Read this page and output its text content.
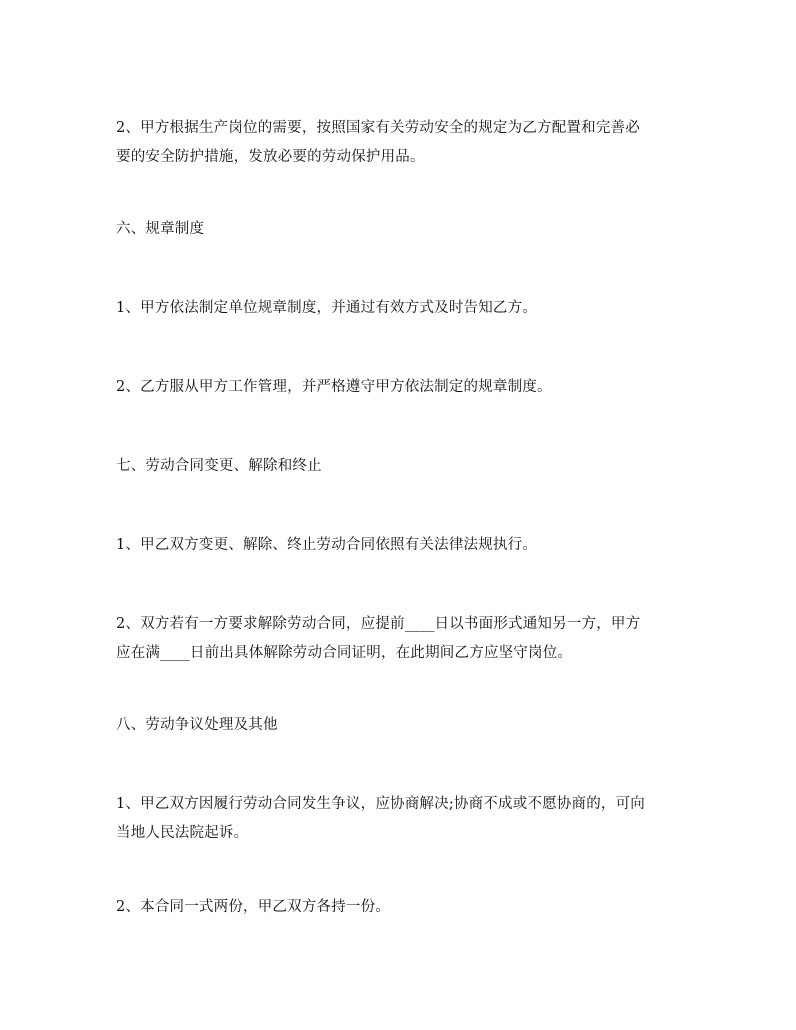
2、甲方根据生产岗位的需要，按照国家有关劳动安全的规定为乙方配置和完善必
要的安全防护措施，发放必要的劳动保护用品。

六、规章制度

1、甲方依法制定单位规章制度，并通过有效方式及时告知乙方。

2、乙方服从甲方工作管理，并严格遵守甲方依法制定的规章制度。

七、劳动合同变更、解除和终止

1、甲乙双方变更、解除、终止劳动合同依照有关法律法规执行。

2、双方若有一方要求解除劳动合同，应提前____日以书面形式通知另一方，甲方
应在满____日前出具体解除劳动合同证明，在此期间乙方应坚守岗位。

八、劳动争议处理及其他

1、甲乙双方因履行劳动合同发生争议，应协商解决;协商不成或不愿协商的，可向
当地人民法院起诉。

2、本合同一式两份，甲乙双方各持一份。
